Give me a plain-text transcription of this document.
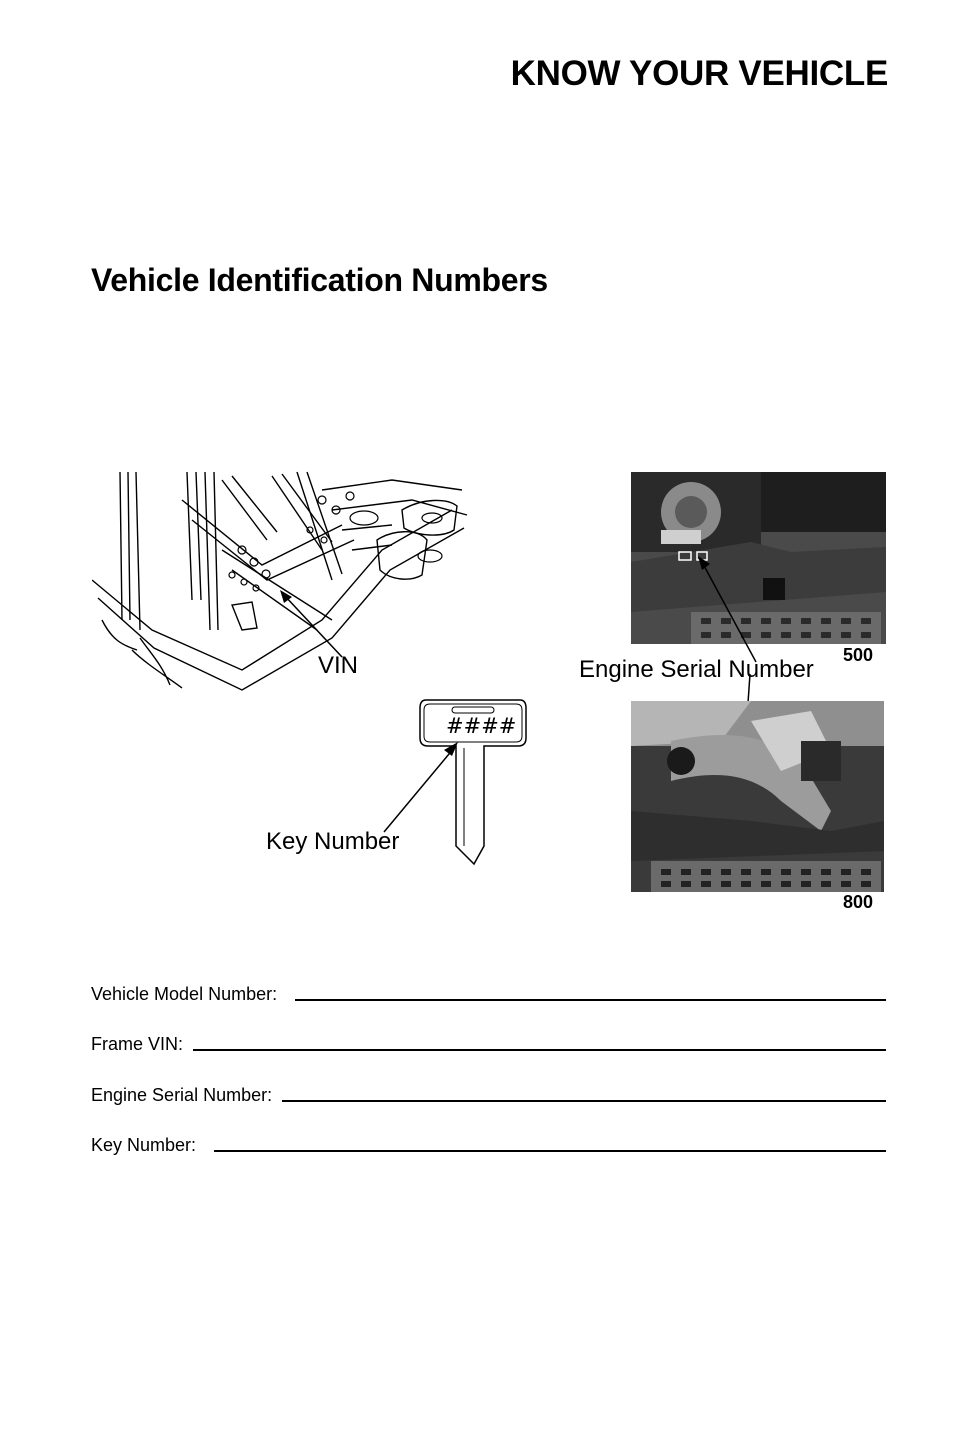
KNOW YOUR VEHICLE
Vehicle Identification Numbers
VIN
####
Key Number
500
Engine Serial Number
800
Vehicle Model Number:
Frame VIN:
Engine Serial Number:
Key Number:
